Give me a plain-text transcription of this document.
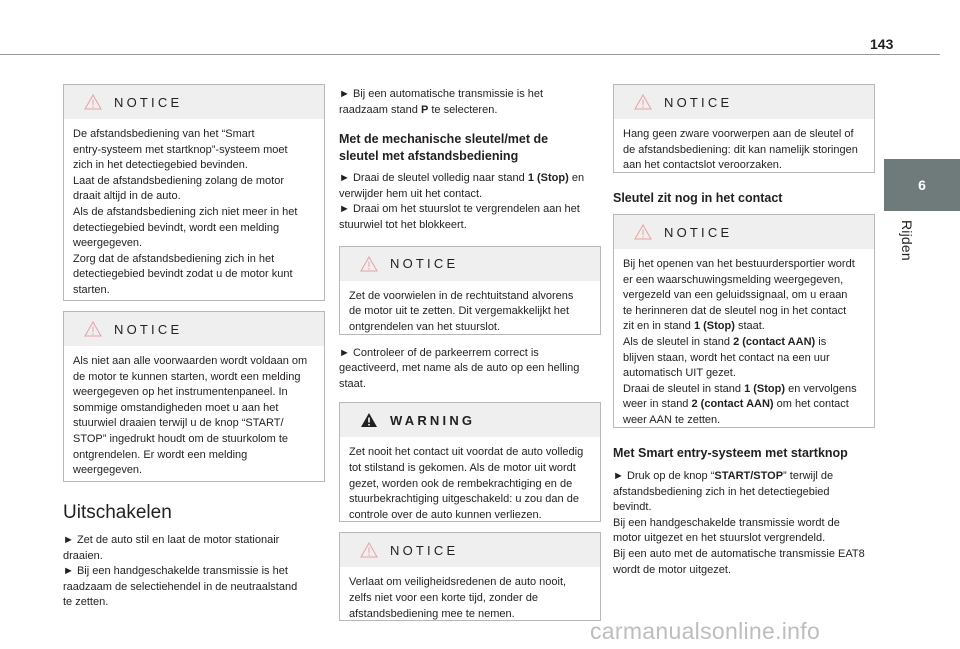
143
6
Rijden
NOTICE

De afstandsbediening van het “Smart

entry-systeem met startknop”-systeem moet

zich in het detectiegebied bevinden.

Laat de afstandsbediening zolang de motor

draait altijd in de auto.

Als de afstandsbediening zich niet meer in het

detectiegebied bevindt, wordt een melding

weergegeven.

Zorg dat de afstandsbediening zich in het

detectiegebied bevindt zodat u de motor kunt

starten.

NOTICE

Als niet aan alle voorwaarden wordt voldaan om

de motor te kunnen starten, wordt een melding

weergegeven op het instrumentenpaneel. In

sommige omstandigheden moet u aan het

stuurwiel draaien terwijl u de knop “START/

STOP” ingedrukt houdt om de stuurkolom te

ontgrendelen. Er wordt een melding

weergegeven.

Uitschakelen

► Zet de auto stil en laat de motor stationair

draaien.

► Bij een handgeschakelde transmissie is het

raadzaam de selectiehendel in de neutraalstand

te zetten.

► Bij een automatische transmissie is het

raadzaam stand P te selecteren.

Met de mechanische sleutel/met de
sleutel met afstandsbediening

► Draai de sleutel volledig naar stand 1 (Stop) en

verwijder hem uit het contact.

► Draai om het stuurslot te vergrendelen aan het

stuurwiel tot het blokkeert.

NOTICE

Zet de voorwielen in de rechtuitstand alvorens

de motor uit te zetten. Dit vergemakkelijkt het

ontgrendelen van het stuurslot.

► Controleer of de parkeerrem correct is

geactiveerd, met name als de auto op een helling

staat.

WARNING

Zet nooit het contact uit voordat de auto volledig

tot stilstand is gekomen. Als de motor uit wordt

gezet, worden ook de rembekrachtiging en de

stuurbekrachtiging uitgeschakeld: u zou dan de

controle over de auto kunnen verliezen.

NOTICE

Verlaat om veiligheidsredenen de auto nooit,

zelfs niet voor een korte tijd, zonder de

afstandsbediening mee te nemen.

NOTICE

Hang geen zware voorwerpen aan de sleutel of

de afstandsbediening: dit kan namelijk storingen

aan het contactslot veroorzaken.

Sleutel zit nog in het contact
NOTICE

Bij het openen van het bestuurdersportier wordt

er een waarschuwingsmelding weergegeven,

vergezeld van een geluidssignaal, om u eraan

te herinneren dat de sleutel nog in het contact

zit en in stand 1 (Stop) staat.

Als de sleutel in stand 2 (contact AAN) is

blijven staan, wordt het contact na een uur

automatisch UIT gezet.

Draai de sleutel in stand 1 (Stop) en vervolgens

weer in stand 2 (contact AAN) om het contact

weer AAN te zetten.

Met Smart entry-systeem met startknop

► Druk op de knop “START/STOP” terwijl de

afstandsbediening zich in het detectiegebied

bevindt.

Bij een handgeschakelde transmissie wordt de

motor uitgezet en het stuurslot vergrendeld.

Bij een auto met de automatische transmissie EAT8

wordt de motor uitgezet.

carmanualsonline.info
